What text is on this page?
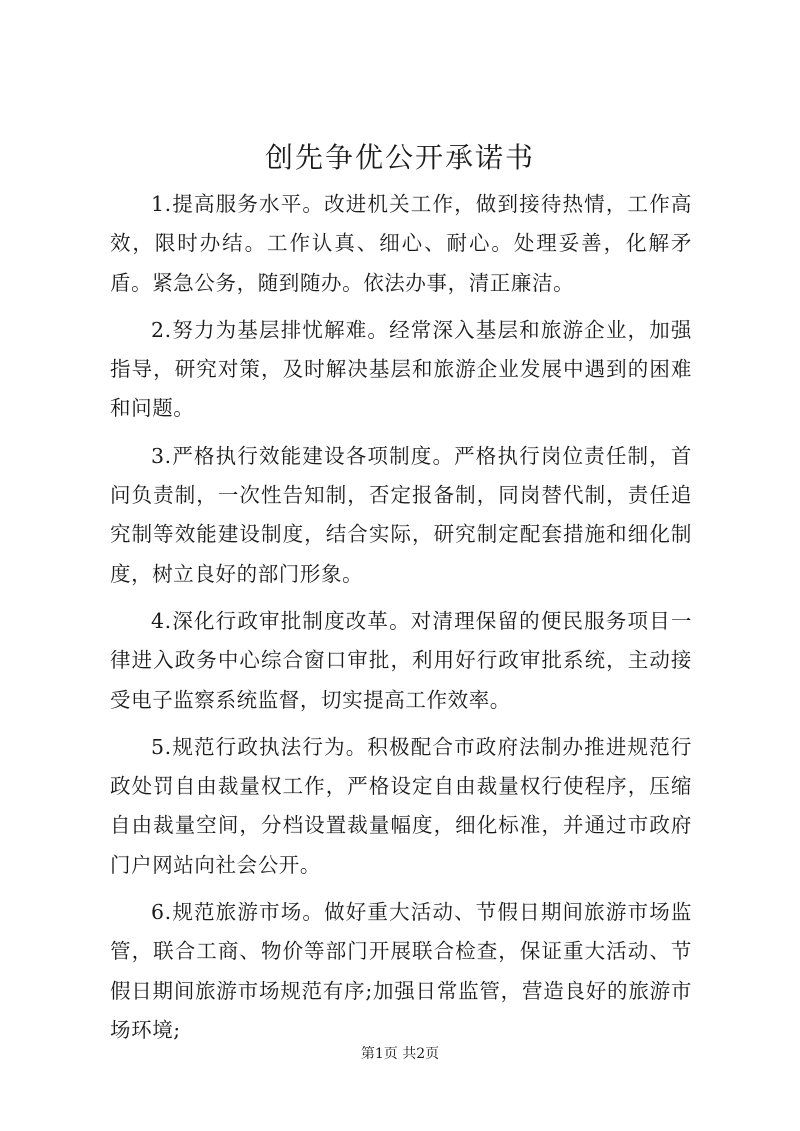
创先争优公开承诺书

1.提高服务水平。改进机关工作，做到接待热情，工作高效，限时办结。工作认真、细心、耐心。处理妥善，化解矛盾。紧急公务，随到随办。依法办事，清正廉洁。

2.努力为基层排忧解难。经常深入基层和旅游企业，加强指导，研究对策，及时解决基层和旅游企业发展中遇到的困难和问题。

3.严格执行效能建设各项制度。严格执行岗位责任制，首问负责制，一次性告知制，否定报备制，同岗替代制，责任追究制等效能建设制度，结合实际，研究制定配套措施和细化制度，树立良好的部门形象。

4.深化行政审批制度改革。对清理保留的便民服务项目一律进入政务中心综合窗口审批，利用好行政审批系统，主动接受电子监察系统监督，切实提高工作效率。

5.规范行政执法行为。积极配合市政府法制办推进规范行政处罚自由裁量权工作，严格设定自由裁量权行使程序，压缩自由裁量空间，分档设置裁量幅度，细化标准，并通过市政府门户网站向社会公开。

6.规范旅游市场。做好重大活动、节假日期间旅游市场监管，联合工商、物价等部门开展联合检查，保证重大活动、节假日期间旅游市场规范有序;加强日常监管，营造良好的旅游市场环境;

第1页 共2页
